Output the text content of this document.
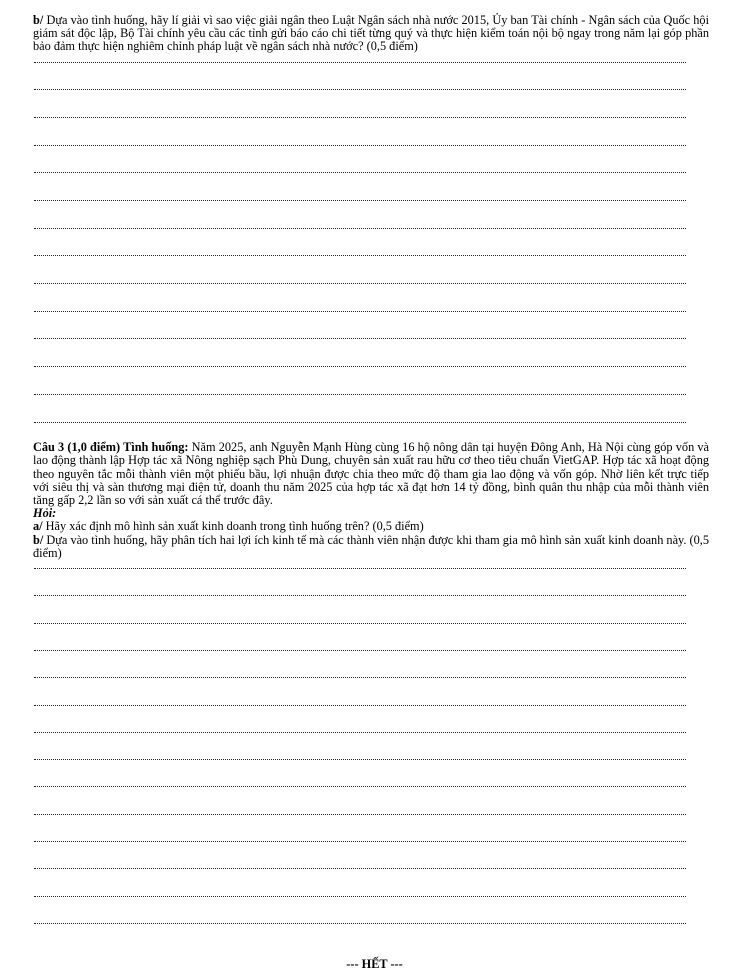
b/ Dựa vào tình huống, hãy lí giải vì sao việc giải ngân theo Luật Ngân sách nhà nước 2015, Ủy ban Tài chính - Ngân sách của Quốc hội giám sát độc lập, Bộ Tài chính yêu cầu các tỉnh gửi báo cáo chi tiết từng quý và thực hiện kiểm toán nội bộ ngay trong năm lại góp phần bảo đảm thực hiện nghiêm chỉnh pháp luật về ngân sách nhà nước? (0,5 điểm)

Câu 3 (1,0 điểm) Tình huống: Năm 2025, anh Nguyễn Mạnh Hùng cùng 16 hộ nông dân tại huyện Đông Anh, Hà Nội cùng góp vốn và lao động thành lập Hợp tác xã Nông nghiệp sạch Phù Dung, chuyên sản xuất rau hữu cơ theo tiêu chuẩn VietGAP. Hợp tác xã hoạt động theo nguyên tắc mỗi thành viên một phiếu bầu, lợi nhuận được chia theo mức độ tham gia lao động và vốn góp. Nhờ liên kết trực tiếp với siêu thị và sàn thương mại điện tử, doanh thu năm 2025 của hợp tác xã đạt hơn 14 tỷ đồng, bình quân thu nhập của mỗi thành viên tăng gấp 2,2 lần so với sản xuất cá thể trước đây.

Hỏi:

a/ Hãy xác định mô hình sản xuất kinh doanh trong tình huống trên? (0,5 điểm)

b/ Dựa vào tình huống, hãy phân tích hai lợi ích kinh tế mà các thành viên nhận được khi tham gia mô hình sản xuất kinh doanh này. (0,5 điểm)

--- HẾT ---
